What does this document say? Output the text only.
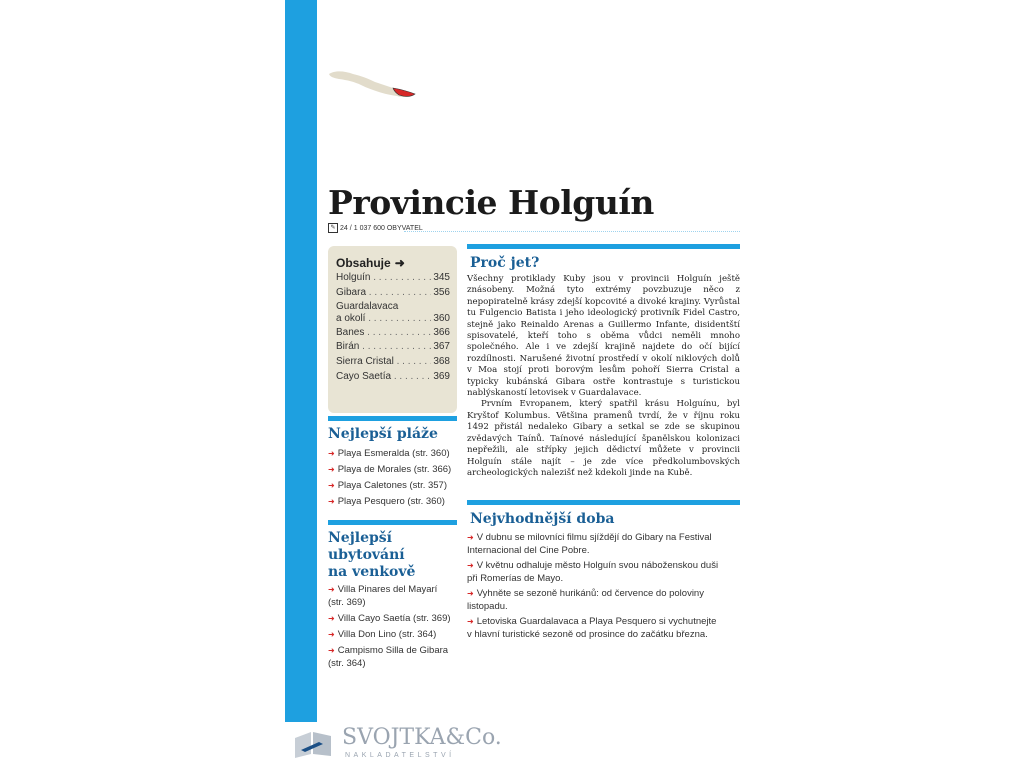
Provincie Holguín
✎ 24 / 1 037 600 OBYVATEL
Obsahuje ➜
Holguín . . .	345
Gibara . . .	356
Guardalavaca
a okolí . . .	360
Banes . . .	366
Birán . . .	367
Sierra Cristal . . .	368
Cayo Saetía . . .	369
Nejlepší pláže
➜ Playa Esmeralda (str. 360)
➜ Playa de Morales (str. 366)
➜ Playa Caletones (str. 357)
➜ Playa Pesquero (str. 360)
Nejlepší
ubytování
na venkově
➜ Villa Pinares del Mayarí
(str. 369)
➜ Villa Cayo Saetía (str. 369)
➜ Villa Don Lino (str. 364)
➜ Campismo Silla de Gibara
(str. 364)
Proč jet?

Všechny protiklady Kuby jsou v provincii Holguín ještě znásobeny. Možná tyto extrémy povzbuzuje něco z nepopiratelně krásy zdejší kopcovité a divoké krajiny. Vyrůstal tu Fulgencio Batista i jeho ideologický protivník Fidel Castro, stejně jako Reinaldo Arenas a Guillermo Infante, disidentští spisovatelé, kteří toho s oběma vůdci neměli mnoho společného. Ale i ve zdejší krajině najdete do očí bijící rozdílnosti. Narušené životní prostředí v okolí niklových dolů v Moa stojí proti borovým lesům pohoří Sierra Cristal a typicky kubánská Gibara ostře kontrastuje s turistickou nablýskaností letovisek v Guardalavace.

Prvním Evropanem, který spatřil krásu Holguínu, byl Kryštof Kolumbus. Většina pramenů tvrdí, že v říjnu roku 1492 přistál nedaleko Gibary a setkal se zde se skupinou zvědavých Taínů. Taínové následující španělskou kolonizaci nepřežili, ale střípky jejich dědictví můžete v provincii Holguín stále najít – je zde více předkolumbovských archeologických nalezišť než kdekoli jinde na Kubě.

Nejvhodnější doba
➜ V dubnu se milovníci filmu sjíždějí do Gibary na Festival
Internacional del Cine Pobre.
➜ V květnu odhaluje město Holguín svou náboženskou duši
při Romerías de Mayo.
➜ Vyhněte se sezoně hurikánů: od července do poloviny
listopadu.
➜ Letoviska Guardalavaca a Playa Pesquero si vychutnejte
v hlavní turistické sezoně od prosince do začátku března.
SVOJTKA&Co.
NAKLADATELSTVÍ
